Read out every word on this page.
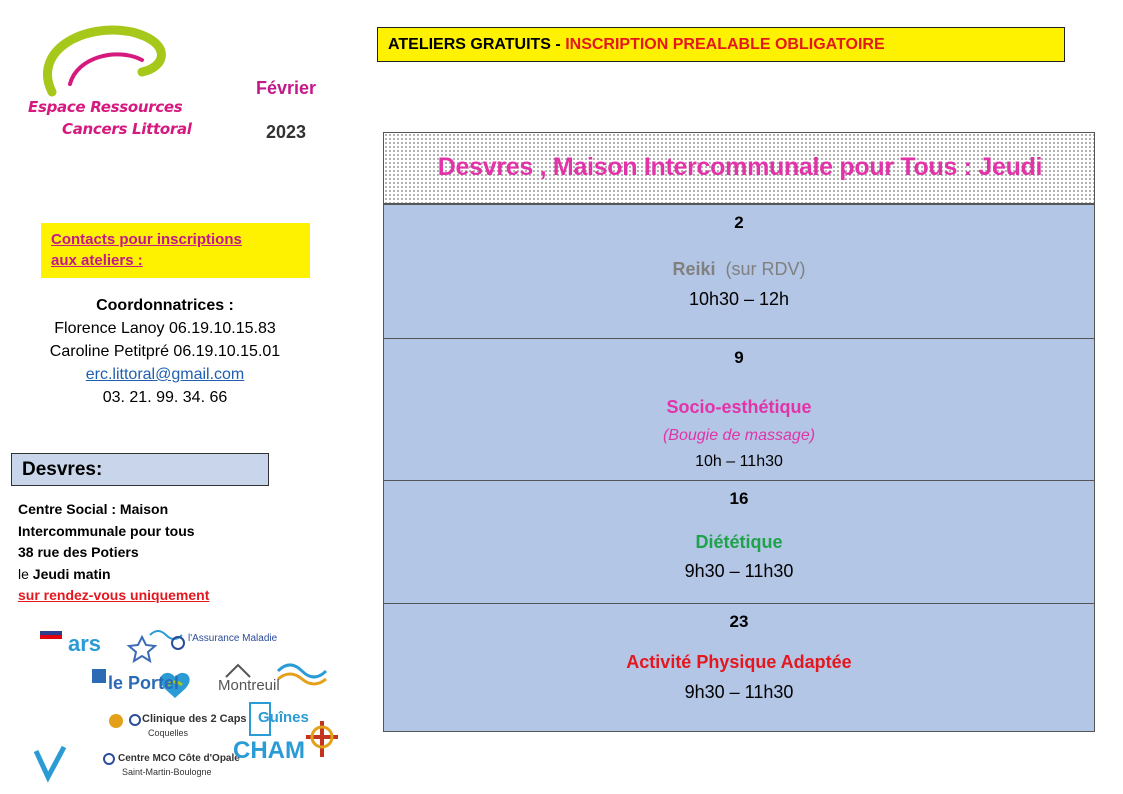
Espace Ressources
Cancers Littoral
Février
2023
ATELIERS GRATUITS - INSCRIPTION PREALABLE OBLIGATOIRE
Contacts pour inscriptions
aux ateliers :
Coordonnatrices :
Florence Lanoy 06.19.10.15.83
Caroline Petitpré 06.19.10.15.01
erc.littoral@gmail.com
03. 21. 99. 34. 66
Desvres:
Centre Social : Maison
Intercommunale pour tous
38 rue des Potiers
le Jeudi matin
sur rendez-vous uniquement
ars	l'Assurance Maladie
le Portel	Montreuil
Clinique des 2 Caps
Coquelles
Guînes
Centre MCO Côte d'Opale
Saint-Martin-Boulogne
CHAM
Desvres , Maison Intercommunale pour Tous : Jeudi
2
Reiki (sur RDV)
10h30 – 12h
9
Socio-esthétique
(Bougie de massage)
10h – 11h30
16
Diététique
9h30 – 11h30
23
Activité Physique Adaptée
9h30 – 11h30
